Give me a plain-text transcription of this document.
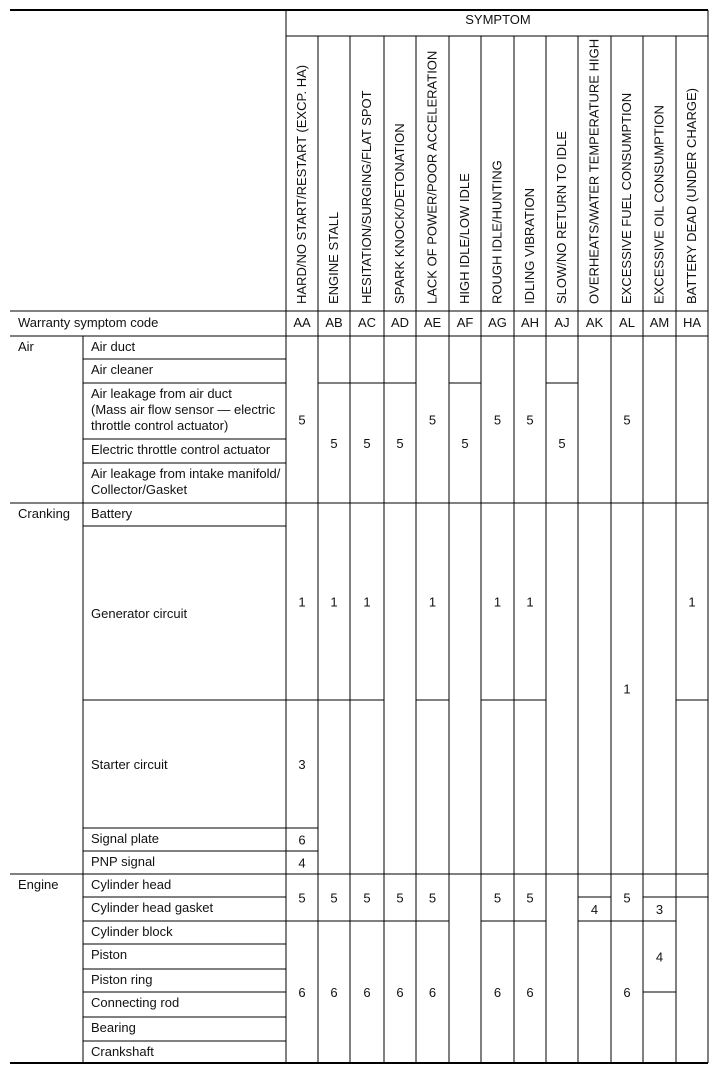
SYMPTOM
Warranty symptom code
HARD/NO START/RESTART (EXCP. HA)
AA
ENGINE STALL
AB
HESITATION/SURGING/FLAT SPOT
AC
SPARK KNOCK/DETONATION
AD
LACK OF POWER/POOR ACCELERATION
AE
HIGH IDLE/LOW IDLE
AF
ROUGH IDLE/HUNTING
AG
IDLING VIBRATION
AH
SLOW/NO RETURN TO IDLE
AJ
OVERHEATS/WATER TEMPERATURE HIGH
AK
EXCESSIVE FUEL CONSUMPTION
AL
EXCESSIVE OIL CONSUMPTION
AM
BATTERY DEAD (UNDER CHARGE)
HA
Air duct
Air cleaner
Air leakage from air duct
(Mass air flow sensor — electric
throttle control actuator)
Electric throttle control actuator
Air leakage from intake manifold/
Collector/Gasket
Battery
Generator circuit
Starter circuit
Signal plate
PNP signal
Cylinder head
Cylinder head gasket
Cylinder block
Piston
Piston ring
Connecting rod
Bearing
Crankshaft
Air
Cranking
Engine
5
5 5 5
5
5
5 5
5
5
1
3
6
4
1 1	1	1 1
1
1
5
6
5
6
5
6
5
6
5
6
5
6
5
6
4
5
6
3
4
